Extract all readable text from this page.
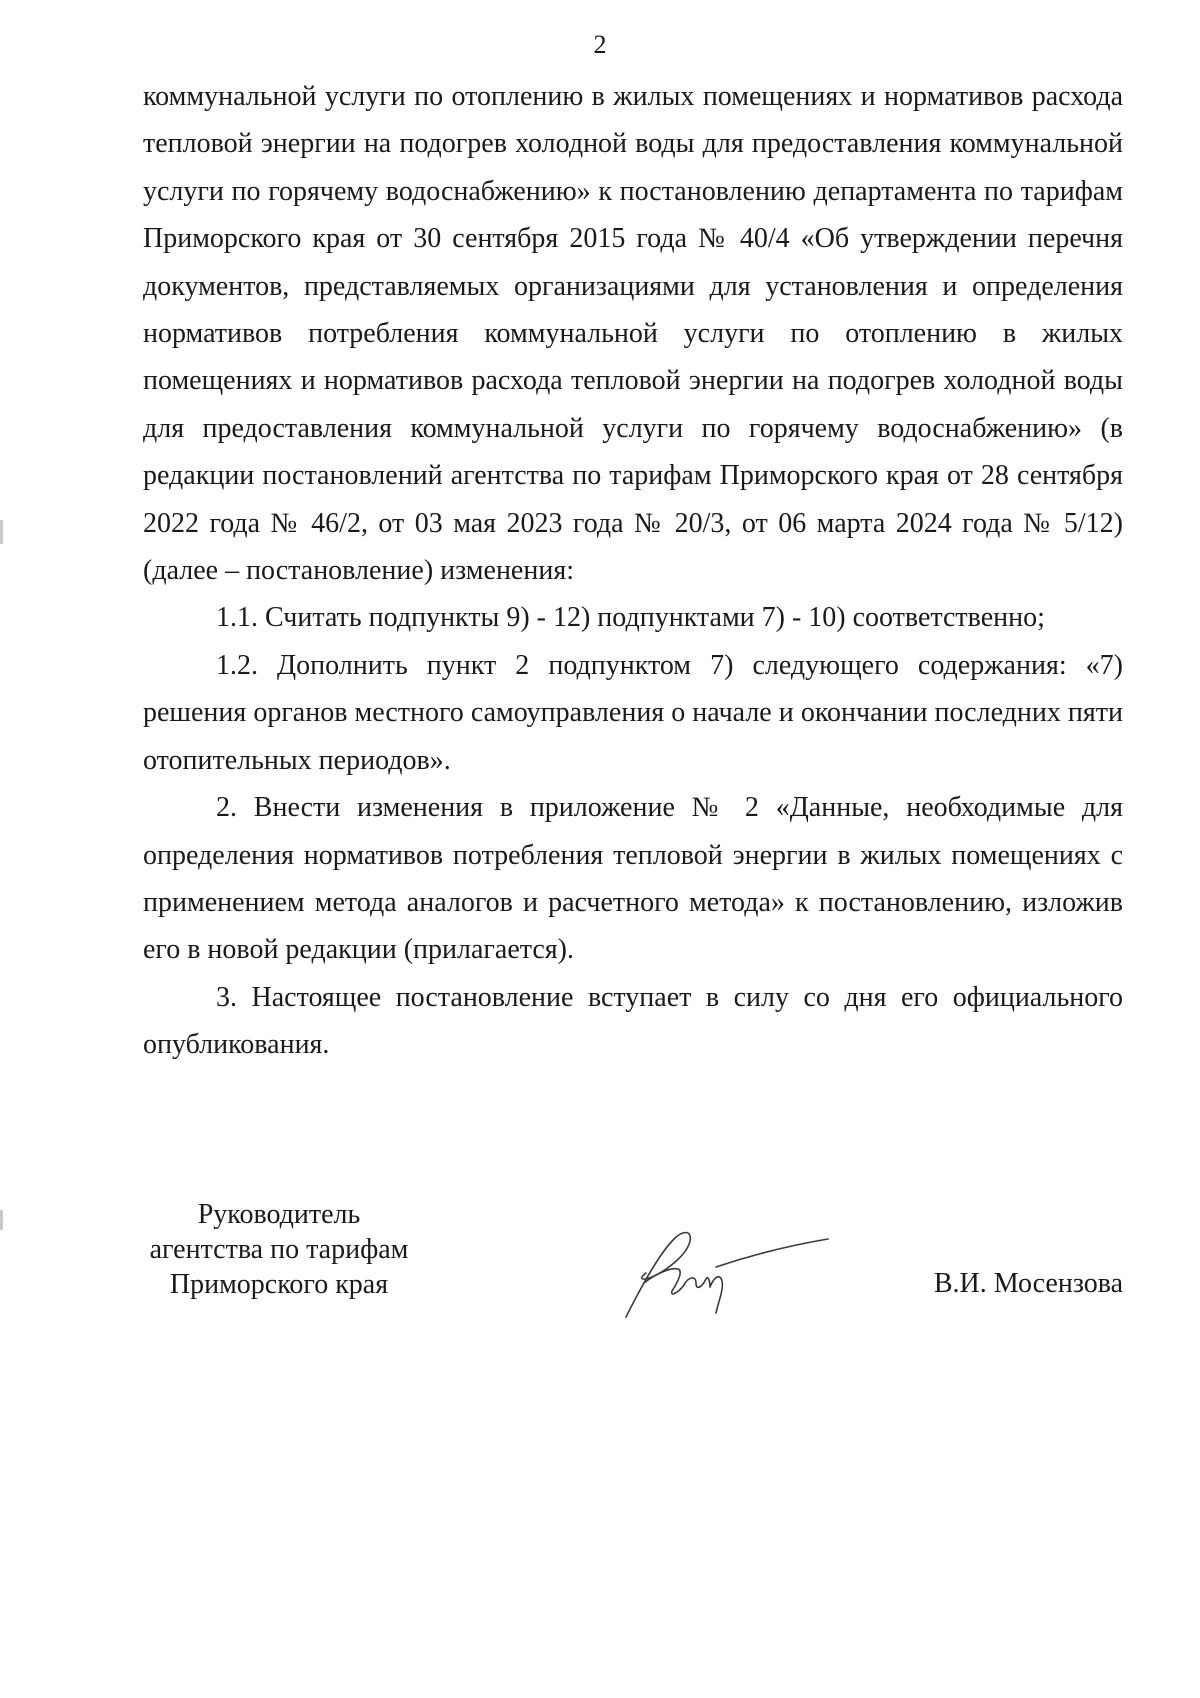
2

коммунальной услуги по отоплению в жилых помещениях и нормативов расхода тепловой энергии на подогрев холодной воды для предоставления коммунальной услуги по горячему водоснабжению» к постановлению департамента по тарифам Приморского края от 30 сентября 2015 года № 40/4 «Об утверждении перечня документов, представляемых организациями для установления и определения нормативов потребления коммунальной услуги по отоплению в жилых помещениях и нормативов расхода тепловой энергии на подогрев холодной воды для предоставления коммунальной услуги по горячему водоснабжению» (в редакции постановлений агентства по тарифам Приморского края от 28 сентября 2022 года № 46/2, от 03 мая 2023 года № 20/3, от 06 марта 2024 года № 5/12) (далее – постановление) изменения:

1.1. Считать подпункты 9) - 12) подпунктами 7) - 10) соответственно;

1.2. Дополнить пункт 2 подпунктом 7) следующего содержания: «7) решения органов местного самоуправления о начале и окончании последних пяти отопительных периодов».

2. Внести изменения в приложение № 2 «Данные, необходимые для определения нормативов потребления тепловой энергии в жилых помещениях с применением метода аналогов и расчетного метода» к постановлению, изложив его в новой редакции (прилагается).

3. Настоящее постановление вступает в силу со дня его официального опубликования.

Руководитель
агентства по тарифам
Приморского края	В.И. Мосензова
